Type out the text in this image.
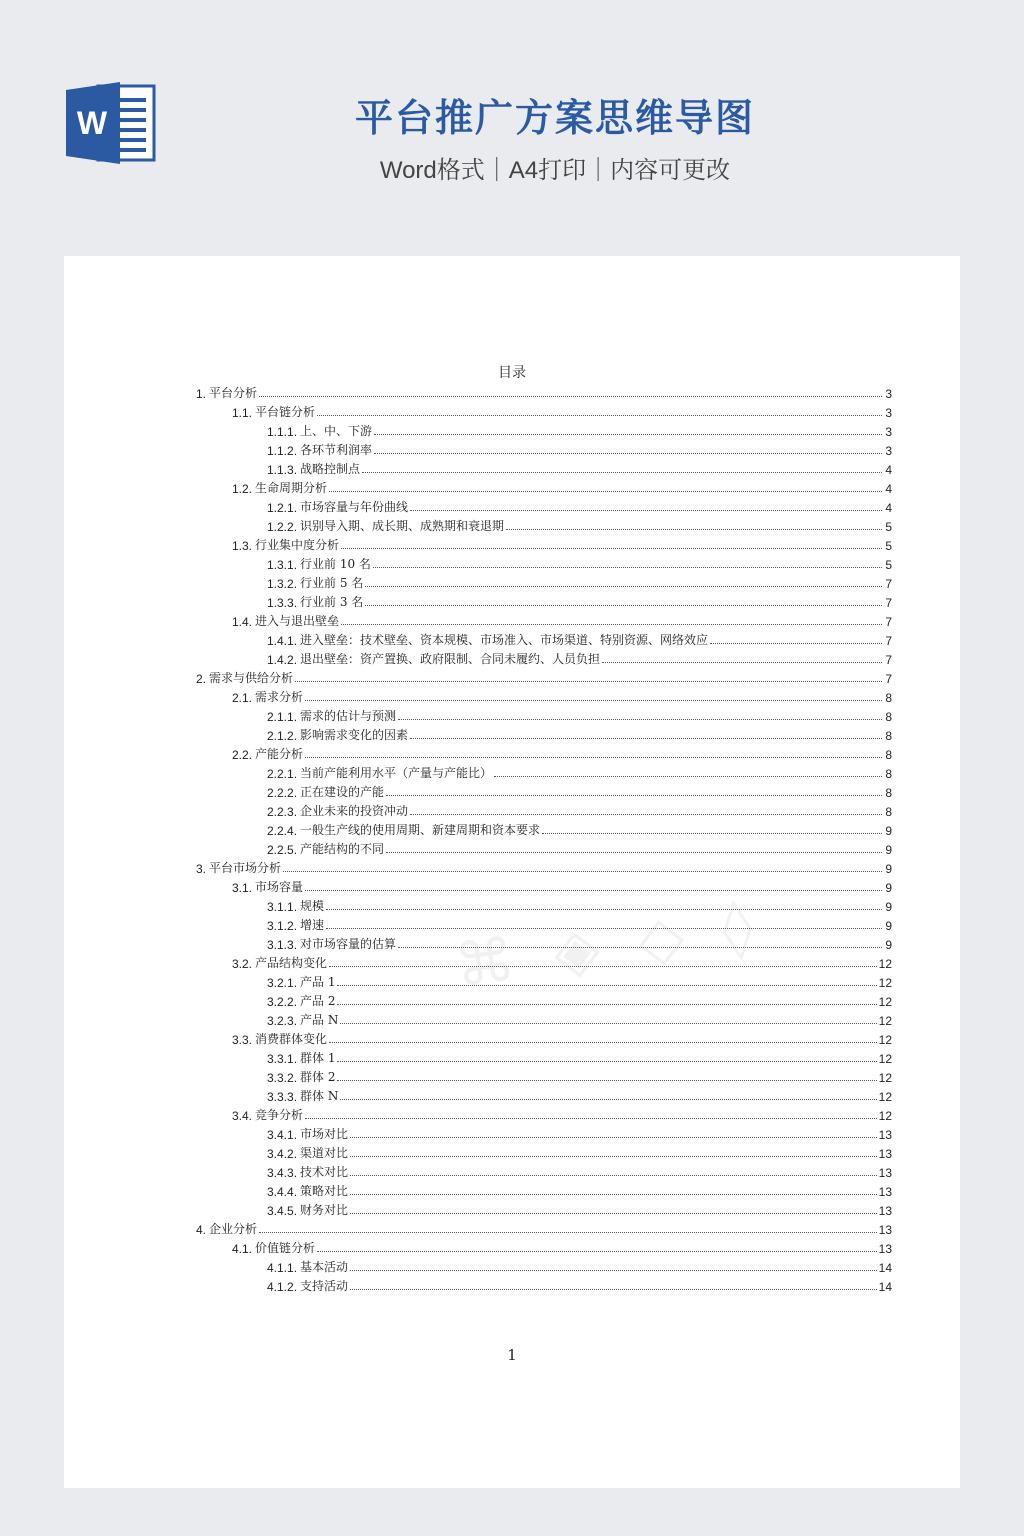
W	平台推广方案思维导图
Word格式｜A4打印｜内容可更改
⌘ ◈ ◇ ◊
目录
1. 平台分析	3
1.1. 平台链分析	3
1.1.1. 上、中、下游	3
1.1.2. 各环节利润率	3
1.1.3. 战略控制点	4
1.2. 生命周期分析	4
1.2.1. 市场容量与年份曲线	4
1.2.2. 识别导入期、成长期、成熟期和衰退期	5
1.3. 行业集中度分析	5
1.3.1. 行业前 10 名	5
1.3.2. 行业前 5 名	7
1.3.3. 行业前 3 名	7
1.4. 进入与退出壁垒	7
1.4.1. 进入壁垒：技术壁垒、资本规模、市场准入、市场渠道、特别资源、网络效应	7
1.4.2. 退出壁垒：资产置换、政府限制、合同未履约、人员负担	7
2. 需求与供给分析	7
2.1. 需求分析	8
2.1.1. 需求的估计与预测	8
2.1.2. 影响需求变化的因素	8
2.2. 产能分析	8
2.2.1. 当前产能利用水平（产量与产能比）	8
2.2.2. 正在建设的产能	8
2.2.3. 企业未来的投资冲动	8
2.2.4. 一般生产线的使用周期、新建周期和资本要求	9
2.2.5. 产能结构的不同	9
3. 平台市场分析	9
3.1. 市场容量	9
3.1.1. 规模	9
3.1.2. 增速	9
3.1.3. 对市场容量的估算	9
3.2. 产品结构变化	12
3.2.1. 产品 1	12
3.2.2. 产品 2	12
3.2.3. 产品 N	12
3.3. 消费群体变化	12
3.3.1. 群体 1	12
3.3.2. 群体 2	12
3.3.3. 群体 N	12
3.4. 竞争分析	12
3.4.1. 市场对比	13
3.4.2. 渠道对比	13
3.4.3. 技术对比	13
3.4.4. 策略对比	13
3.4.5. 财务对比	13
4. 企业分析	13
4.1. 价值链分析	13
4.1.1. 基本活动	14
4.1.2. 支持活动	14
1
